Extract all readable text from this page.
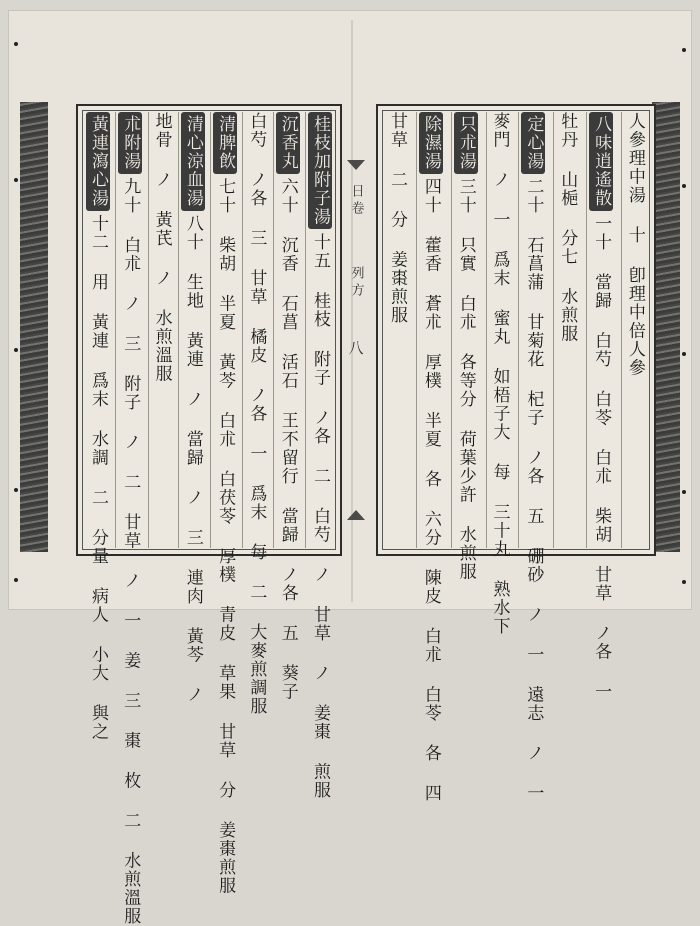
桂枝加附子湯十五 桂枝 附子 ノ各 二 白芍 ノ 甘草 ノ 姜棗 煎服
沉香丸六十 沉香 石菖 活石 王不留行 當歸 ノ各 五 葵子
白芍 ノ各 三 甘草 橘皮 ノ各 一 爲末 每 二 大麥煎調服
清脾飲七十 柴胡 半夏 黃芩 白朮 白茯苓 厚樸 青皮 草果 甘草 分 姜棗煎服
清心涼血湯八十 生地 黃連 ノ 當歸 ノ 三 連肉 黃芩 ノ
地骨 ノ 黃芪 ノ 水煎溫服
朮附湯九十 白朮 ノ 三 附子 ノ 二 甘草 ノ 一 姜 三 棗 枚 二 水煎溫服
黃連瀉心湯十二 用 黃連 爲末 水調 二 分量 病人 小大 與之
日卷
列方
八	人參理中湯 十 卽理中倍人參
八味逍遙散一十 當歸 白芍 白苓 白朮 柴胡 甘草 ノ各 一
牡丹 山梔 分七 水煎服
定心湯二十 石菖蒲 甘菊花 杞子 ノ各 五 硼砂 ノ 一 遠志 ノ 一
麥門 ノ 一 爲末 蜜丸 如梧子大 每 三十丸 熟水下
只朮湯三十 只實 白朮 各等分 荷葉少許 水煎服
除濕湯四十 藿香 蒼朮 厚樸 半夏 各 六分 陳皮 白朮 白苓 各 四
甘草 二 分 姜棗煎服
